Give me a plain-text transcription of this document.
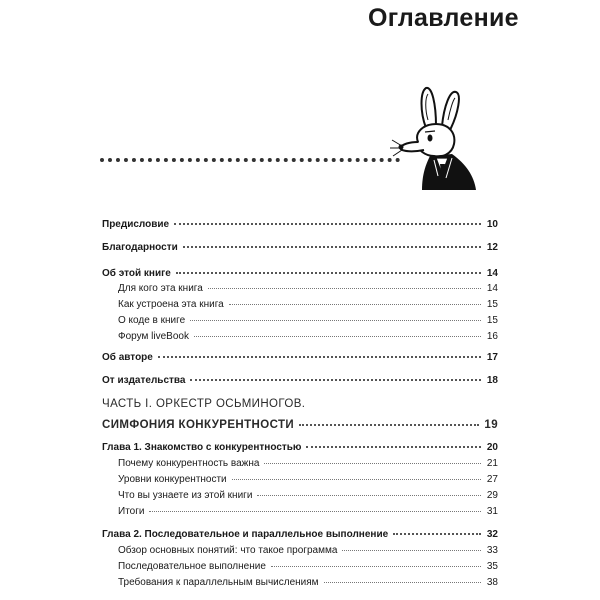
Оглавление
Предисловие	10
Благодарности	12
Об этой книге	14
Для кого эта книга	14
Как устроена эта книга	15
О коде в книге	15
Форум liveBook	16
Об авторе	17
От издательства	18
ЧАСТЬ I. ОРКЕСТР ОСЬМИНОГОВ.
СИМФОНИЯ КОНКУРЕНТНОСТИ	19
Глава 1. Знакомство с конкурентностью	20
Почему конкурентность важна	21
Уровни конкурентности	27
Что вы узнаете из этой книги	29
Итоги	31
Глава 2. Последовательное и параллельное выполнение	32
Обзор основных понятий: что такое программа	33
Последовательное выполнение	35
Требования к параллельным вычислениям	38
